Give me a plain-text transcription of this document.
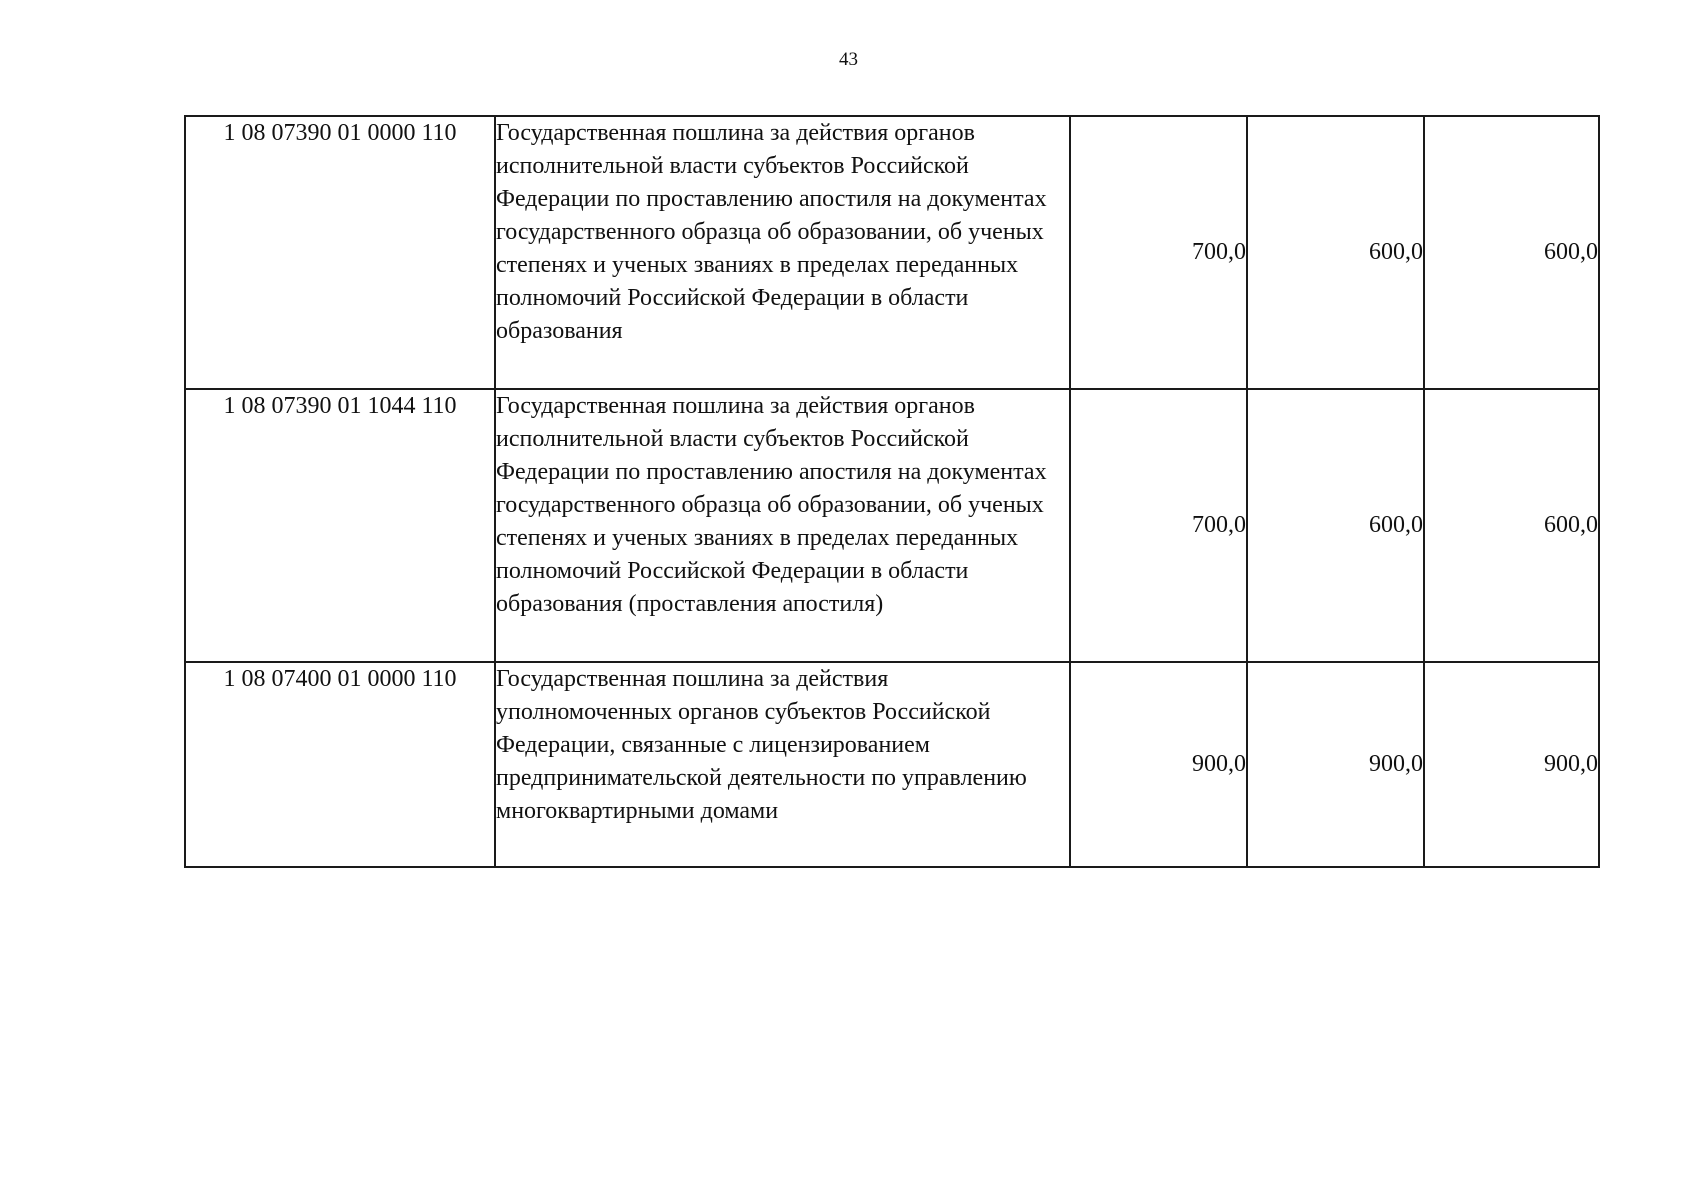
43
1 08 07390 01 0000 110	Государственная пошлина за действия органов исполнительной власти субъектов Российской Федерации по проставлению апостиля на документах государственного образца об образовании, об ученых степенях и ученых званиях в пределах переданных полномочий Российской Федерации в области образования	700,0	600,0	600,0
1 08 07390 01 1044 110	Государственная пошлина за действия органов исполнительной власти субъектов Российской Федерации по проставлению апостиля на документах государственного образца об образовании, об ученых степенях и ученых званиях в пределах переданных полномочий Российской Федерации в области образования (проставления апостиля)	700,0	600,0	600,0
1 08 07400 01 0000 110	Государственная пошлина за действия уполномоченных органов субъектов Российской Федерации, связанные с лицензированием предпринимательской деятельности по управлению многоквартирными домами	900,0	900,0	900,0
